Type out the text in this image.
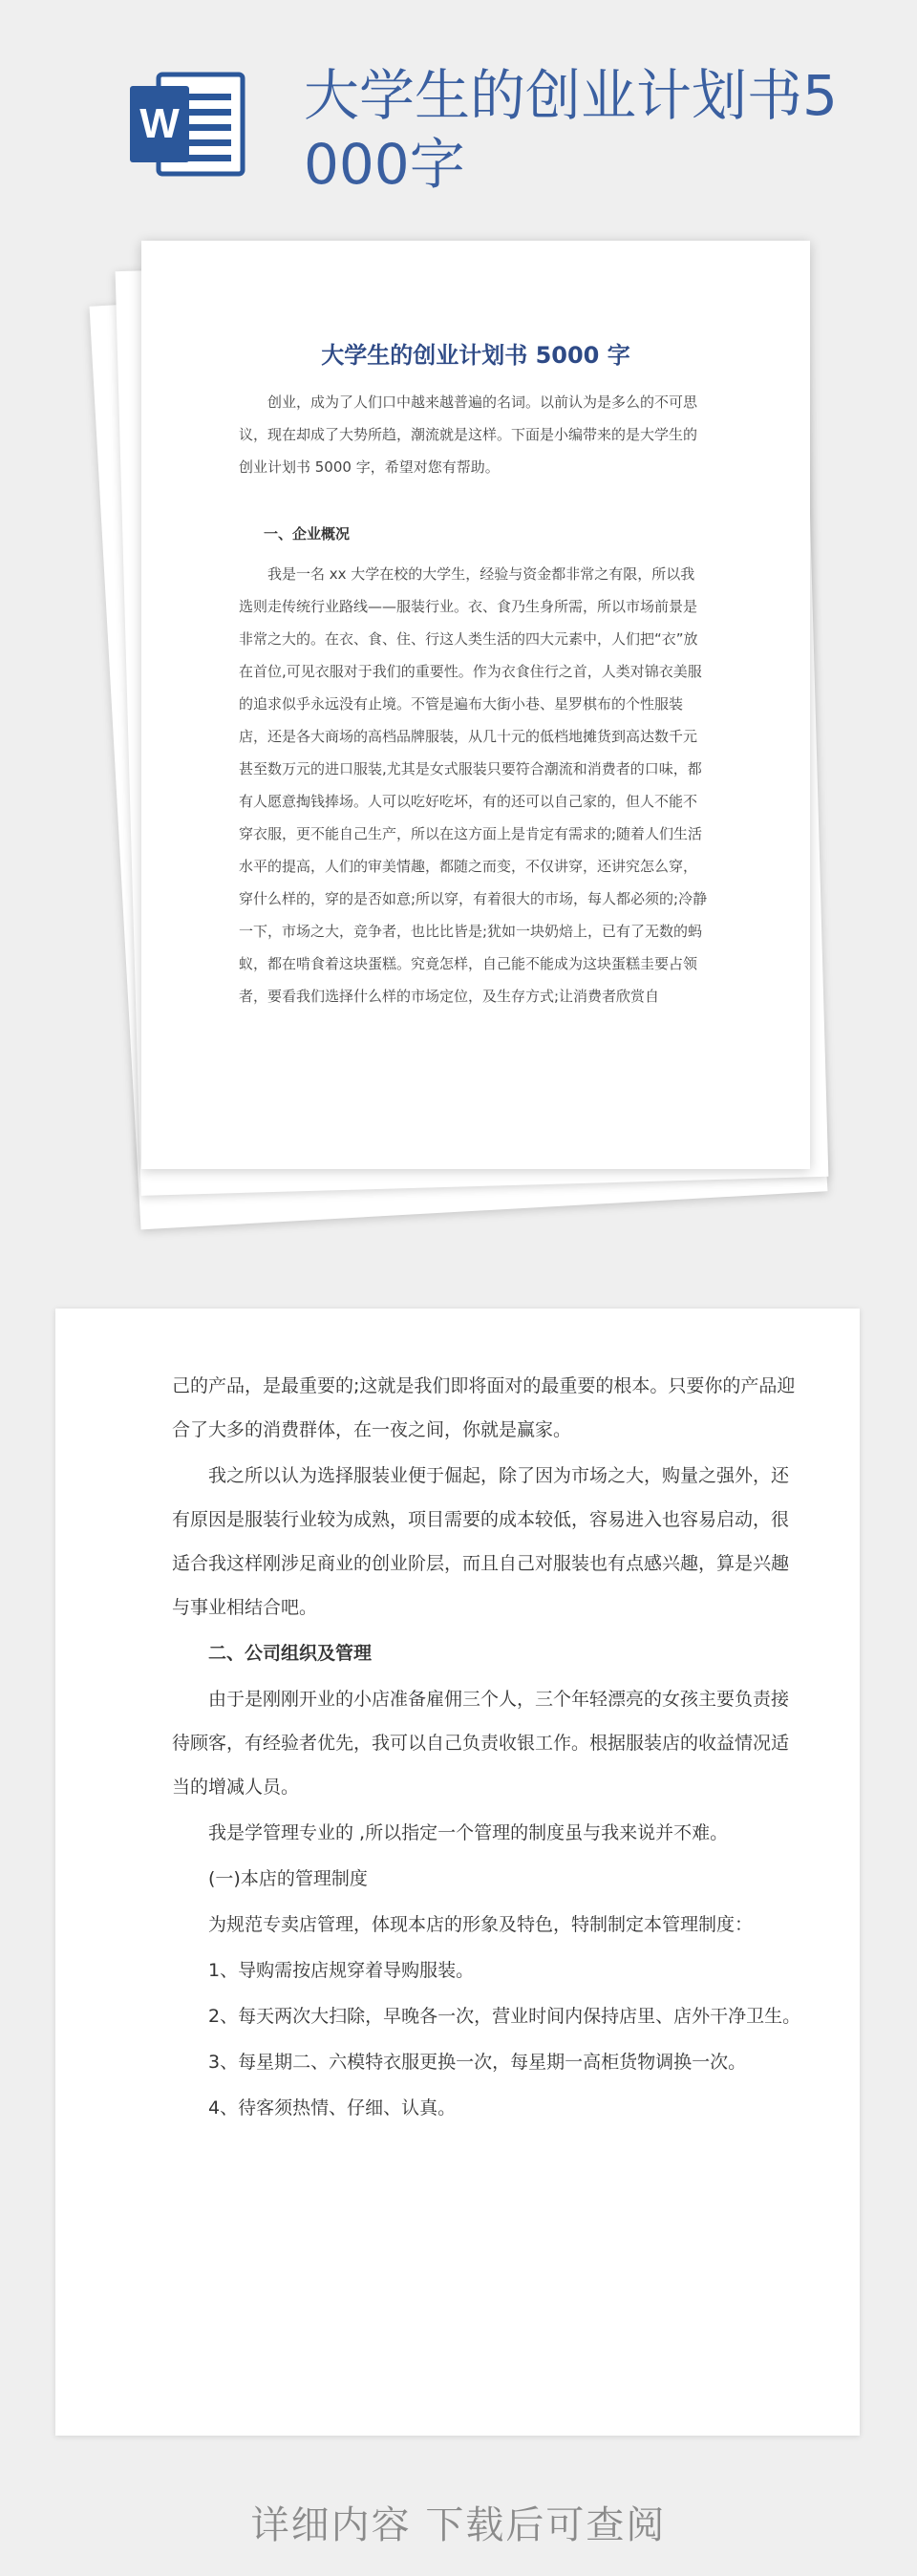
W 大学生的创业计划书5
000字
大学生的创业计划书 5000 字

创业，成为了人们口中越来越普遍的名词。以前认为是多么的不可思议，现在却成了大势所趋，潮流就是这样。下面是小编带来的是大学生的创业计划书 5000 字，希望对您有帮助。

一、企业概况

我是一名 xx 大学在校的大学生，经验与资金都非常之有限，所以我选则走传统行业路线——服装行业。衣、食乃生身所需，所以市场前景是非常之大的。在衣、食、住、行这人类生活的四大元素中，人们把“衣”放在首位,可见衣服对于我们的重要性。作为衣食住行之首，人类对锦衣美服的追求似乎永远没有止境。不管是遍布大街小巷、星罗棋布的个性服装店，还是各大商场的高档品牌服装，从几十元的低档地摊货到高达数千元甚至数万元的进口服装,尤其是女式服装只要符合潮流和消费者的口味，都有人愿意掏钱捧场。人可以吃好吃坏，有的还可以自己家的，但人不能不穿衣服，更不能自己生产，所以在这方面上是肯定有需求的;随着人们生活水平的提高，人们的审美情趣，都随之而变，不仅讲穿，还讲究怎么穿，穿什么样的，穿的是否如意;所以穿，有着很大的市场，每人都必须的;冷静一下，市场之大，竞争者，也比比皆是;犹如一块奶焙上，已有了无数的蚂蚁，都在啃食着这块蛋糕。究竟怎样，自己能不能成为这块蛋糕圭要占领者，要看我们选择什么样的市场定位，及生存方式;让消费者欣赏自

己的产品，是最重要的;这就是我们即将面对的最重要的根本。只要你的产品迎合了大多的消费群体，在一夜之间，你就是赢家。

我之所以认为选择服装业便于倔起，除了因为市场之大，购量之强外，还有原因是服装行业较为成熟，项目需要的成本较低，容易进入也容易启动，很适合我这样刚涉足商业的创业阶层，而且自己对服装也有点感兴趣，算是兴趣与事业相结合吧。

二、公司组织及管理

由于是刚刚开业的小店准备雇佣三个人，三个年轻漂亮的女孩主要负责接待顾客，有经验者优先，我可以自己负责收银工作。根据服装店的收益情况适当的增减人员。

我是学管理专业的 ,所以指定一个管理的制度虽与我来说并不难。

(一)本店的管理制度

为规范专卖店管理，体现本店的形象及特色，特制制定本管理制度：

1、导购需按店规穿着导购服装。

2、每天两次大扫除，早晚各一次，营业时间内保持店里、店外干净卫生。

3、每星期二、六模特衣服更换一次，每星期一高柜货物调换一次。

4、待客须热情、仔细、认真。

详细内容 下载后可查阅
